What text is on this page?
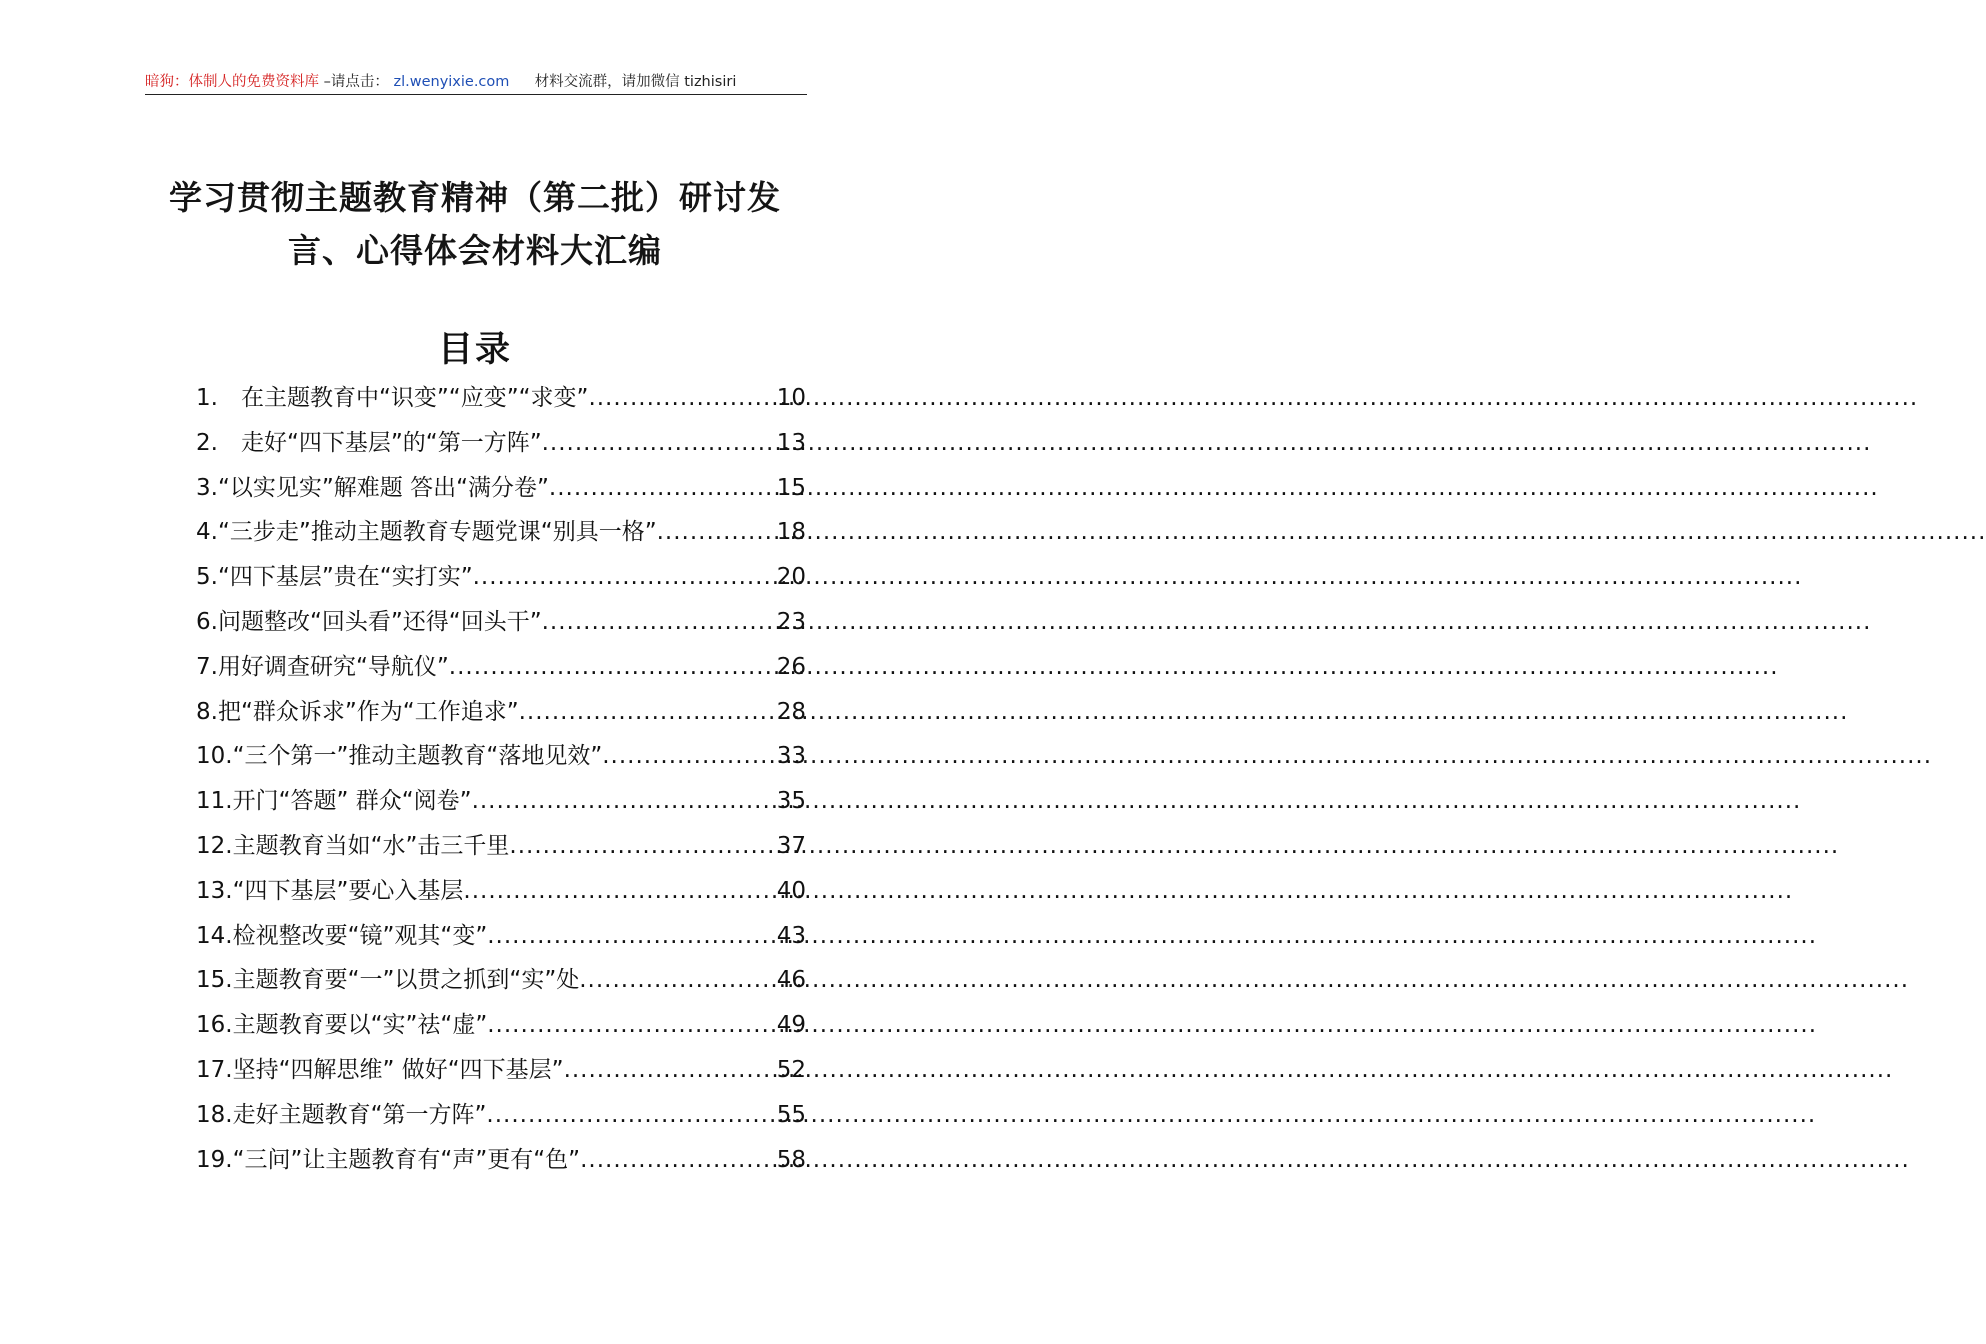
暗狗：体制人的免费资料库 –请点击： zl.wenyixie.com 材料交流群，请加微信 tizhisiri
学习贯彻主题教育精神（第二批）研讨发
言、心得体会材料大汇编
目录
1.　在主题教育中“识变”“应变”“求变” .....	10
2.　走好“四下基层”的“第一方阵” .....	13
3.“以实见实”解难题 答出“满分卷” .....	15
4.“三步走”推动主题教育专题党课“别具一格” .....	18
5.“四下基层”贵在“实打实” .....	20
6.问题整改“回头看”还得“回头干” .....	23
7.用好调查研究“导航仪” .....	26
8.把“群众诉求”作为“工作追求” .....	28
10.“三个第一”推动主题教育“落地见效” .....	33
11.开门“答题” 群众“阅卷” .....	35
12.主题教育当如“水”击三千里 .....	37
13.“四下基层”要心入基层 .....	40
14.检视整改要“镜”观其“变” .....	43
15.主题教育要“一”以贯之抓到“实”处 .....	46
16.主题教育要以“实”祛“虚” .....	49
17.坚持“四解思维” 做好“四下基层” .....	52
18.走好主题教育“第一方阵” .....	55
19.“三问”让主题教育有“声”更有“色” .....	58
